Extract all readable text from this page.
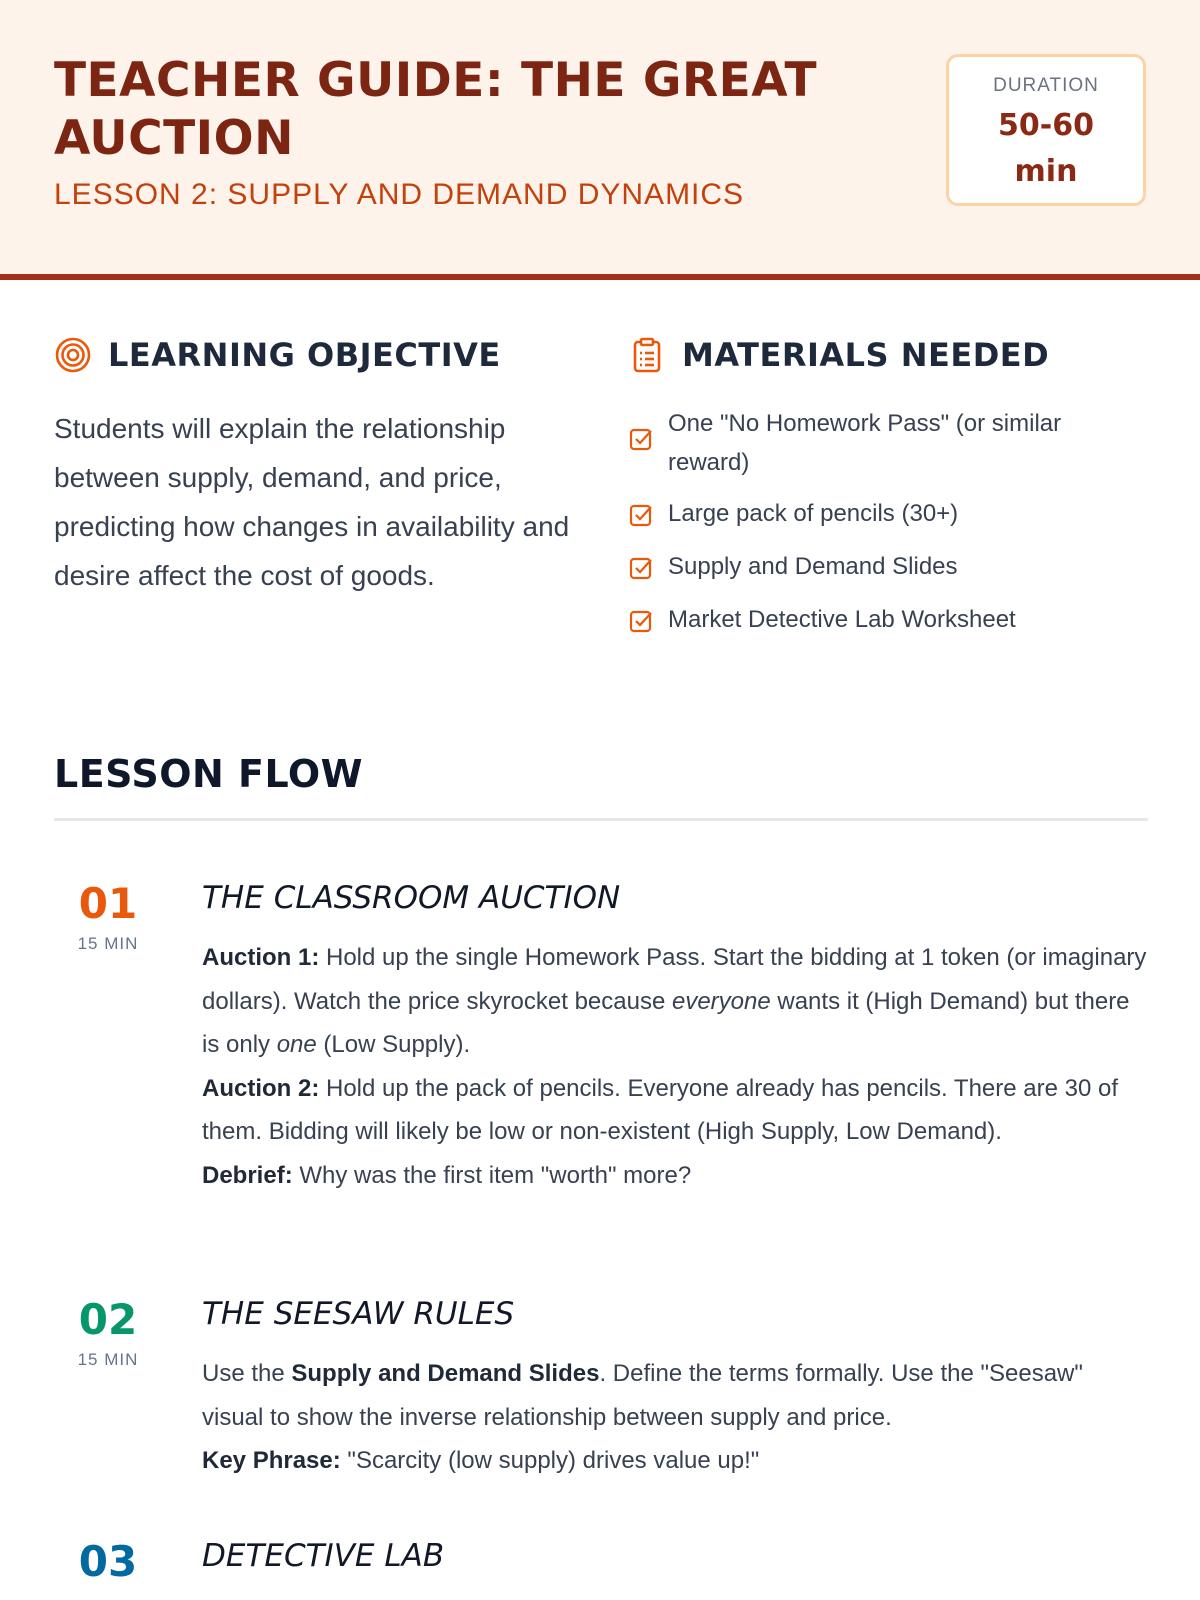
TEACHER GUIDE: THE GREAT AUCTION
LESSON 2: SUPPLY AND DEMAND DYNAMICS
DURATION
50-60 min
LEARNING OBJECTIVE
Students will explain the relationship between supply, demand, and price, predicting how changes in availability and desire affect the cost of goods.
MATERIALS NEEDED
One "No Homework Pass" (or similar reward)
Large pack of pencils (30+)
Supply and Demand Slides
Market Detective Lab Worksheet
LESSON FLOW
01
15 MIN
THE CLASSROOM AUCTION
Auction 1: Hold up the single Homework Pass. Start the bidding at 1 token (or imaginary dollars). Watch the price skyrocket because everyone wants it (High Demand) but there is only one (Low Supply).
Auction 2: Hold up the pack of pencils. Everyone already has pencils. There are 30 of them. Bidding will likely be low or non-existent (High Supply, Low Demand).
Debrief: Why was the first item "worth" more?
02
15 MIN
THE SEESAW RULES
Use the Supply and Demand Slides. Define the terms formally. Use the "Seesaw" visual to show the inverse relationship between supply and price.
Key Phrase: "Scarcity (low supply) drives value up!"
03	DETECTIVE LAB
